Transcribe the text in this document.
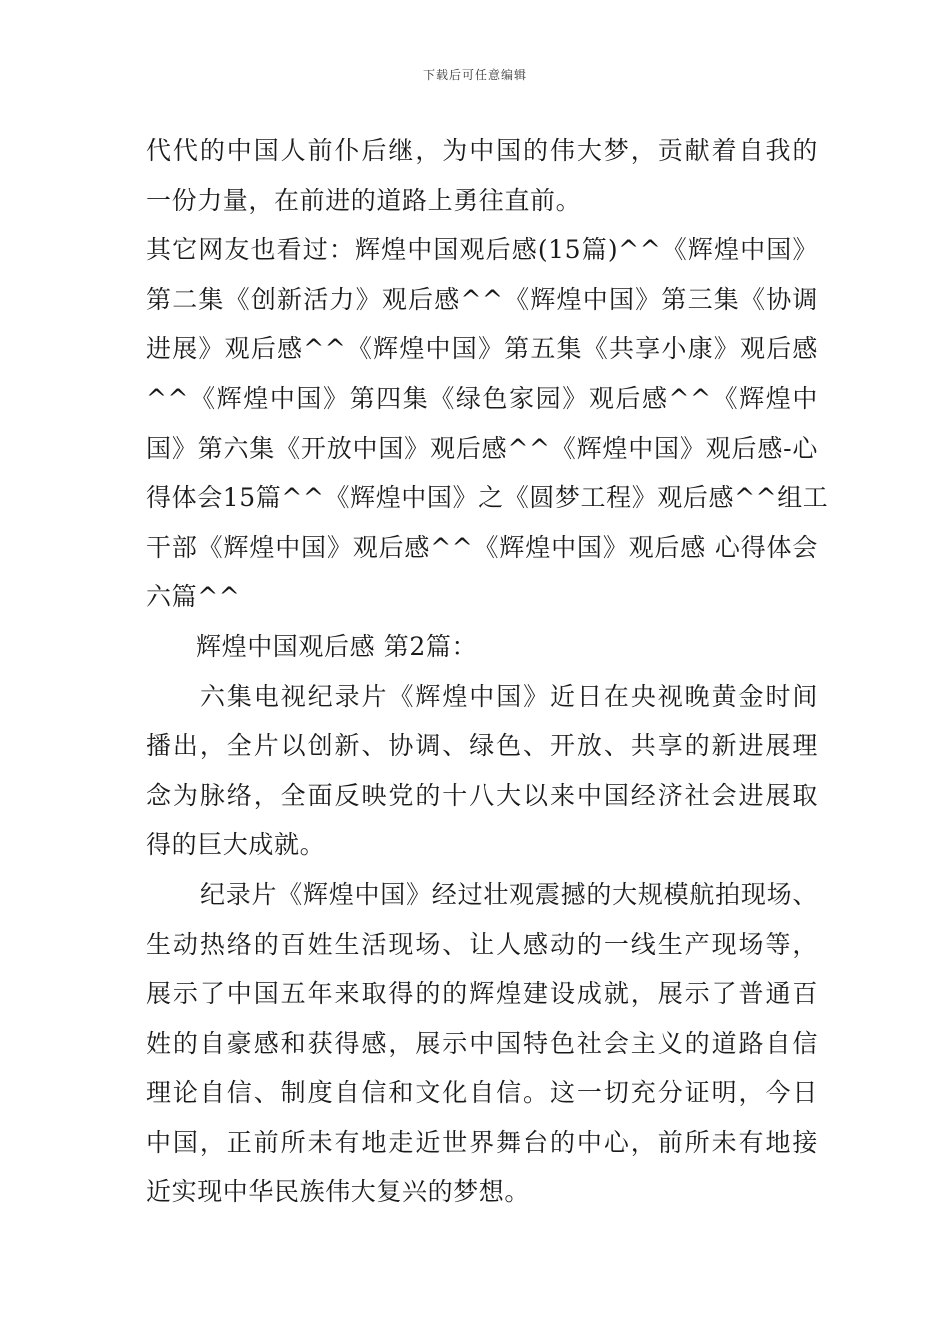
下载后可任意编辑
代代的中国人前仆后继，为中国的伟大梦，贡献着自我的
一份力量，在前进的道路上勇往直前。
其它网友也看过：辉煌中国观后感(15篇)^^《辉煌中国》
第二集《创新活力》观后感^^《辉煌中国》第三集《协调
进展》观后感^^《辉煌中国》第五集《共享小康》观后感
^^《辉煌中国》第四集《绿色家园》观后感^^《辉煌中
国》第六集《开放中国》观后感^^《辉煌中国》观后感-心
得体会15篇^^《辉煌中国》之《圆梦工程》观后感^^组工
干部《辉煌中国》观后感^^《辉煌中国》观后感 心得体会
六篇^^
辉煌中国观后感 第2篇：
六集电视纪录片《辉煌中国》近日在央视晚黄金时间
播出，全片以创新、协调、绿色、开放、共享的新进展理
念为脉络，全面反映党的十八大以来中国经济社会进展取
得的巨大成就。
纪录片《辉煌中国》经过壮观震撼的大规模航拍现场、
生动热络的百姓生活现场、让人感动的一线生产现场等，
展示了中国五年来取得的的辉煌建设成就，展示了普通百
姓的自豪感和获得感，展示中国特色社会主义的道路自信
理论自信、制度自信和文化自信。这一切充分证明，今日
中国，正前所未有地走近世界舞台的中心，前所未有地接
近实现中华民族伟大复兴的梦想。
